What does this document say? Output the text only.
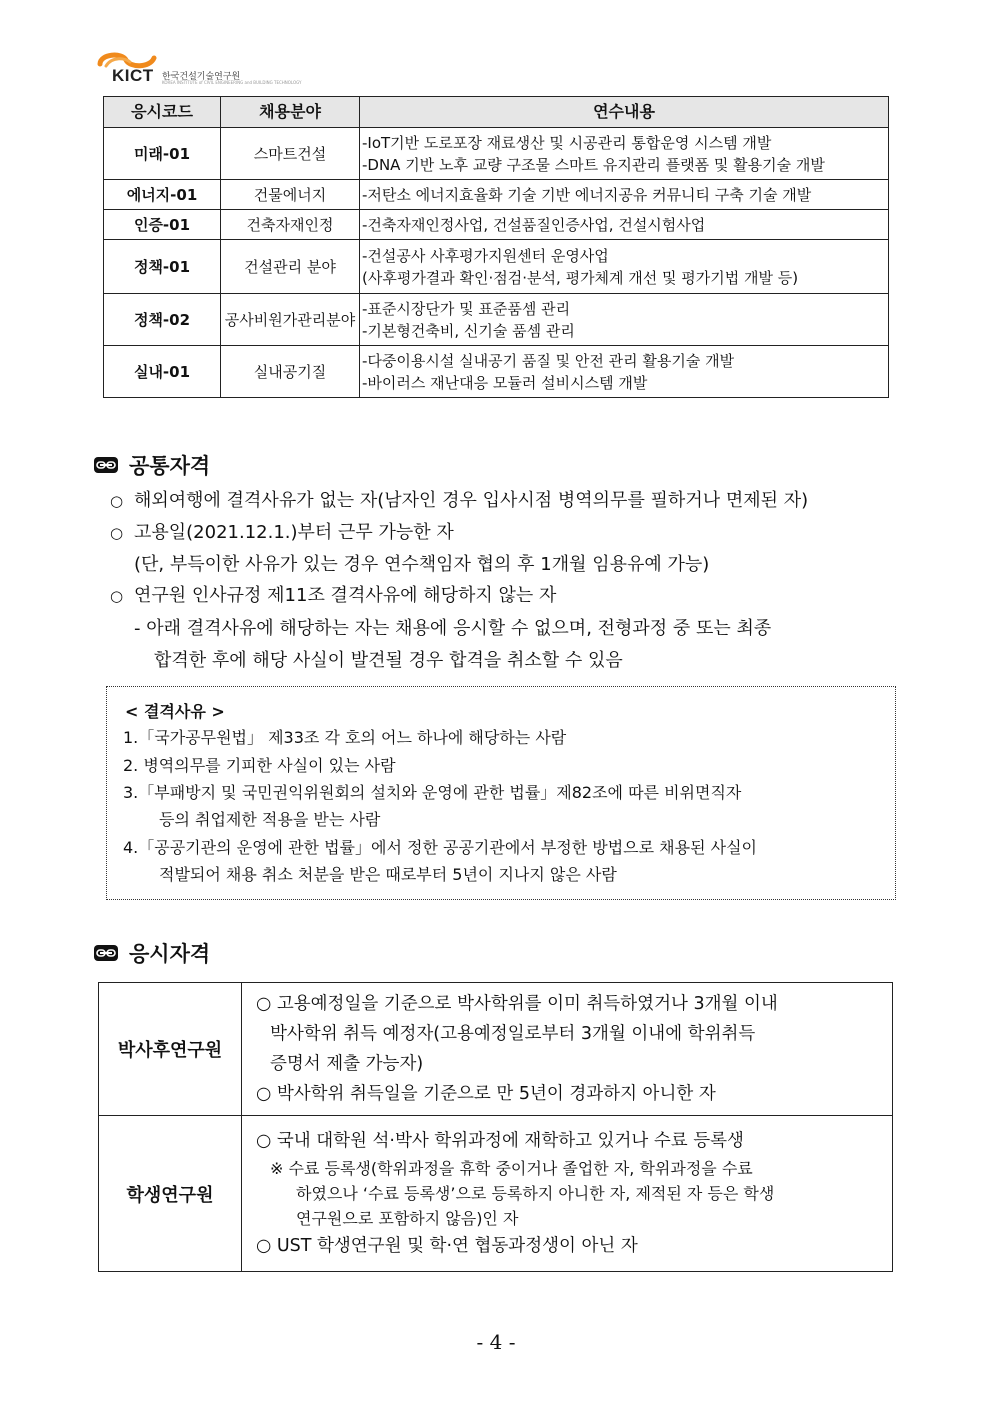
KICT 한국건설기술연구원
KOREA INSTITUTE of CIVIL ENGINEERING and BUILDING TECHNOLOGY
응시코드	채용분야	연수내용
미래-01	스마트건설	-IoT기반 도로포장 재료생산 및 시공관리 통합운영 시스템 개발
-DNA 기반 노후 교량 구조물 스마트 유지관리 플랫폼 및 활용기술 개발

에너지-01	건물에너지	-저탄소 에너지효율화 기술 기반 에너지공유 커뮤니티 구축 기술 개발

인증-01	건축자재인정	-건축자재인정사업, 건설품질인증사업, 건설시험사업

정책-01	건설관리 분야	-건설공사 사후평가지원센터 운영사업
(사후평가결과 확인·점검·분석, 평가체계 개선 및 평가기법 개발 등)

정책-02	공사비원가관리분야	-표준시장단가 및 표준품셈 관리
-기본형건축비, 신기술 품셈 관리

실내-01	실내공기질	-다중이용시설 실내공기 품질 및 안전 관리 활용기술 개발
-바이러스 재난대응 모듈러 설비시스템 개발
공통자격
○ 해외여행에 결격사유가 없는 자(남자인 경우 입사시점 병역의무를 필하거나 면제된 자)
○ 고용일(2021.12.1.)부터 근무 가능한 자
(단, 부득이한 사유가 있는 경우 연수책임자 협의 후 1개월 임용유예 가능)
○ 연구원 인사규정 제11조 결격사유에 해당하지 않는 자
- 아래 결격사유에 해당하는 자는 채용에 응시할 수 없으며, 전형과정 중 또는 최종
합격한 후에 해당 사실이 발견될 경우 합격을 취소할 수 있음
< 결격사유 >
1.「국가공무원법」 제33조 각 호의 어느 하나에 해당하는 사람
2. 병역의무를 기피한 사실이 있는 사람
3.「부패방지 및 국민권익위원회의 설치와 운영에 관한 법률」제82조에 따른 비위면직자
등의 취업제한 적용을 받는 사람
4.「공공기관의 운영에 관한 법률」에서 정한 공공기관에서 부정한 방법으로 채용된 사실이
적발되어 채용 취소 처분을 받은 때로부터 5년이 지나지 않은 사람
응시자격
박사후연구원	○ 고용예정일을 기준으로 박사학위를 이미 취득하였거나 3개월 이내
박사학위 취득 예정자(고용예정일로부터 3개월 이내에 학위취득
증명서 제출 가능자)
○ 박사학위 취득일을 기준으로 만 5년이 경과하지 아니한 자

학생연구원	○ 국내 대학원 석·박사 학위과정에 재학하고 있거나 수료 등록생
※ 수료 등록생(학위과정을 휴학 중이거나 졸업한 자, 학위과정을 수료
하였으나 ‘수료 등록생’으로 등록하지 아니한 자, 제적된 자 등은 학생
연구원으로 포함하지 않음)인 자
○ UST 학생연구원 및 학·연 협동과정생이 아닌 자
- 4 -
